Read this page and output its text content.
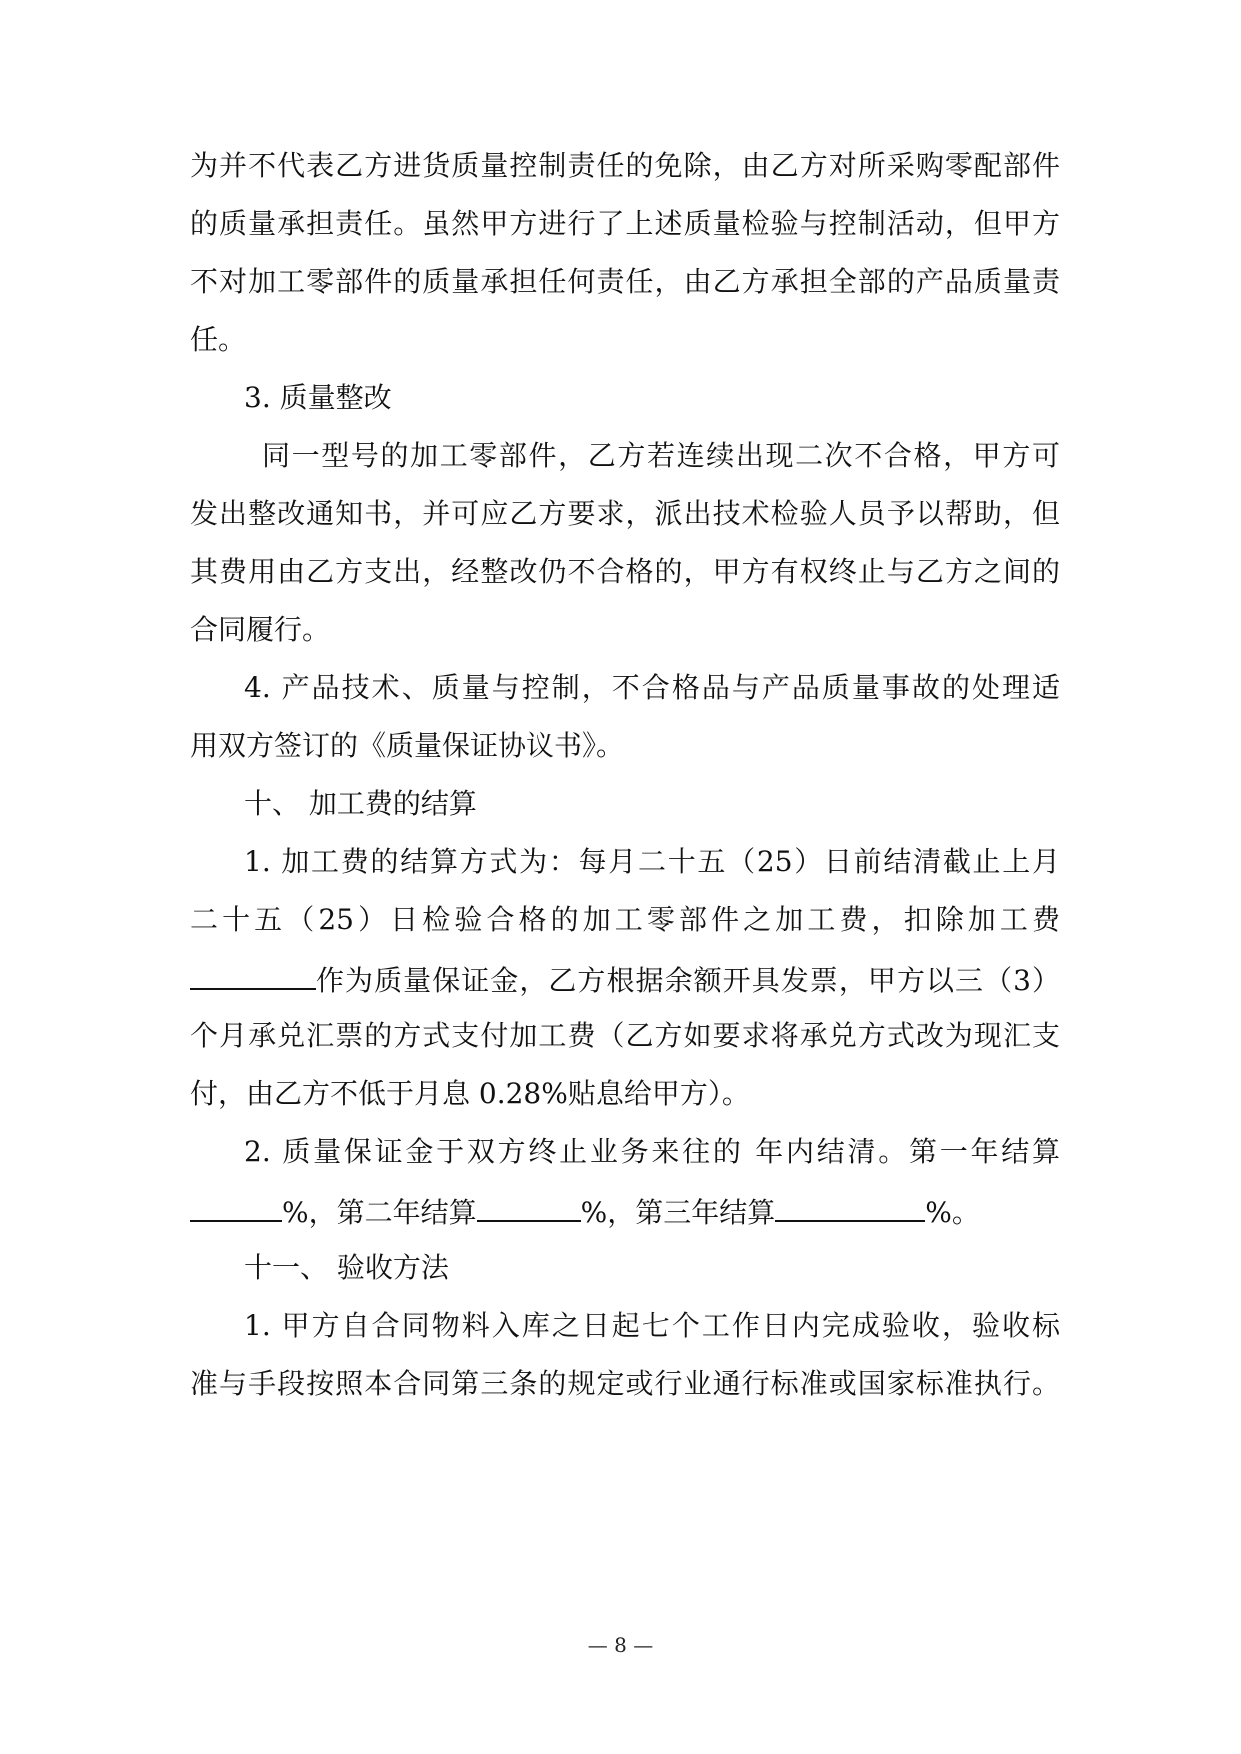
为并不代表乙方进货质量控制责任的免除，由乙方对所采购零配部件
的质量承担责任。虽然甲方进行了上述质量检验与控制活动，但甲方
不对加工零部件的质量承担任何责任，由乙方承担全部的产品质量责
任。
3. 质量整改
同一型号的加工零部件，乙方若连续出现二次不合格，甲方可
发出整改通知书，并可应乙方要求，派出技术检验人员予以帮助，但
其费用由乙方支出，经整改仍不合格的，甲方有权终止与乙方之间的
合同履行。
4. 产品技术、质量与控制，不合格品与产品质量事故的处理适
用双方签订的《质量保证协议书》。
十、 加工费的结算
1. 加工费的结算方式为：每月二十五（25）日前结清截止上月
二十五（25）日检验合格的加工零部件之加工费，扣除加工费
作为质量保证金，乙方根据余额开具发票，甲方以三（3）
个月承兑汇票的方式支付加工费（乙方如要求将承兑方式改为现汇支
付，由乙方不低于月息 0.28%贴息给甲方）。
2. 质量保证金于双方终止业务来往的 年内结清。第一年结算
%，第二年结算	%，第三年结算	%。
十一、 验收方法
1. 甲方自合同物料入库之日起七个工作日内完成验收，验收标
准与手段按照本合同第三条的规定或行业通行标准或国家标准执行。
— 8 —
